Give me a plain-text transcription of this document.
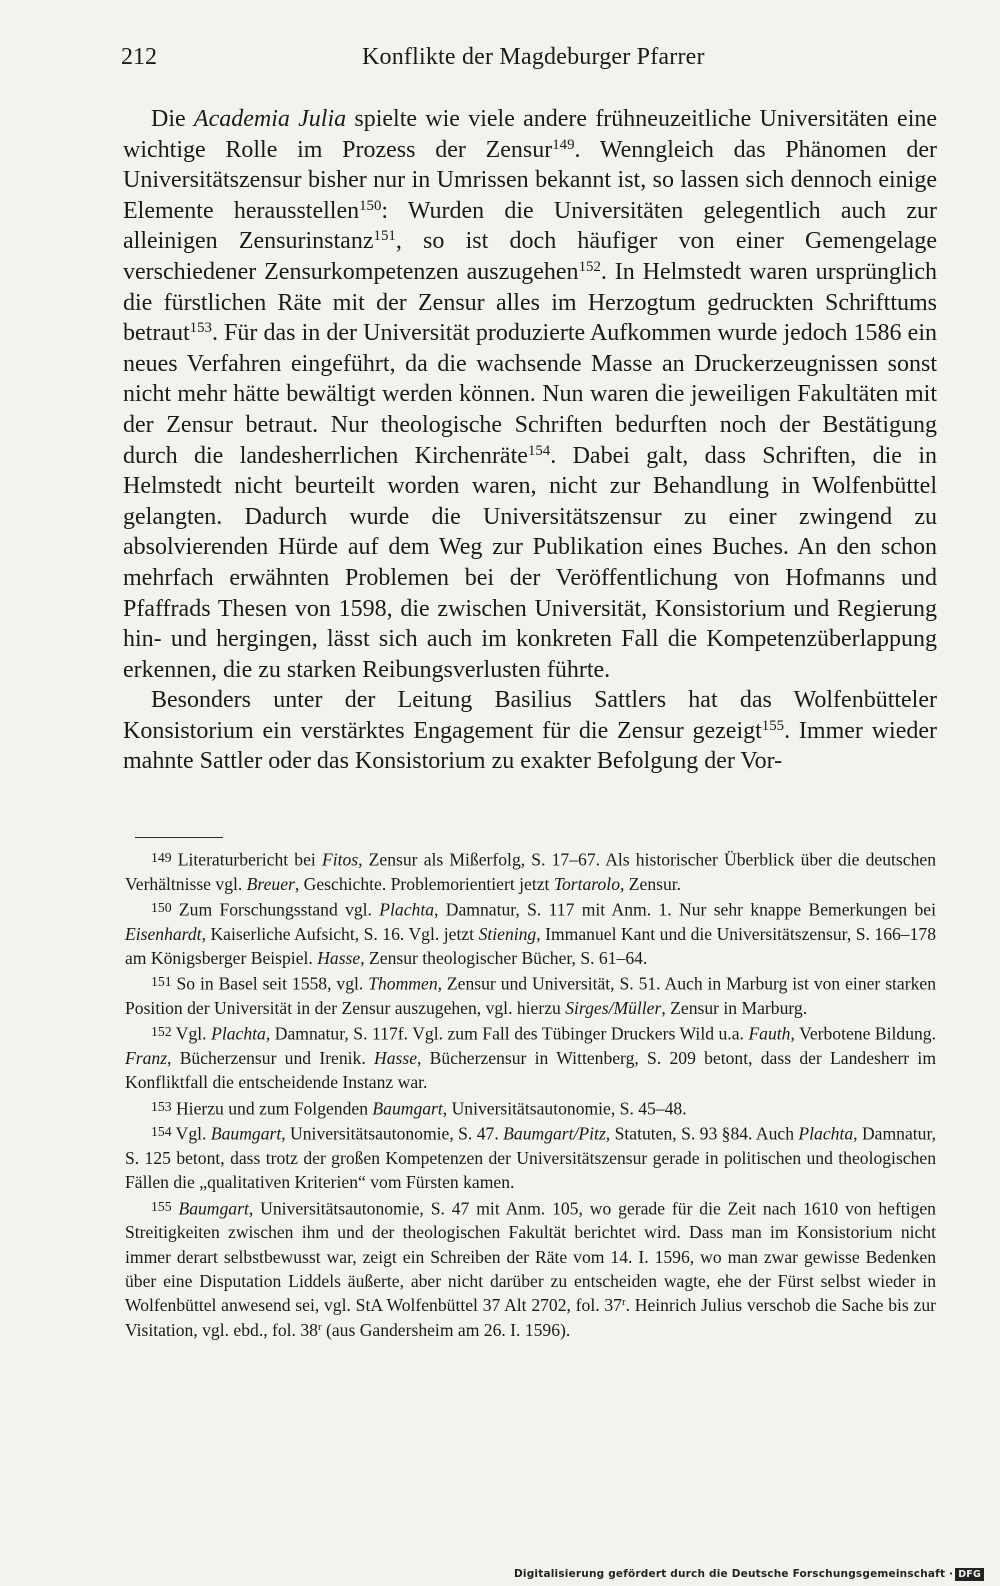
212	Konflikte der Magdeburger Pfarrer

Die Academia Julia spielte wie viele andere frühneuzeitliche Universitäten eine wichtige Rolle im Prozess der Zensur$^{149}$. Wenngleich das Phänomen der Universitätszensur bisher nur in Umrissen bekannt ist, so lassen sich dennoch einige Elemente herausstellen$^{150}$: Wurden die Universitäten gelegentlich auch zur alleinigen Zensurinstanz$^{151}$, so ist doch häufiger von einer Gemengelage verschiedener Zensurkompetenzen auszugehen$^{152}$. In Helmstedt waren ursprünglich die fürstlichen Räte mit der Zensur alles im Herzogtum gedruckten Schrifttums betraut$^{153}$. Für das in der Universität produzierte Aufkommen wurde jedoch 1586 ein neues Verfahren eingeführt, da die wachsende Masse an Druckerzeugnissen sonst nicht mehr hätte bewältigt werden können. Nun waren die jeweiligen Fakultäten mit der Zensur betraut. Nur theologische Schriften bedurften noch der Bestätigung durch die landesherrlichen Kirchenräte$^{154}$. Dabei galt, dass Schriften, die in Helmstedt nicht beurteilt worden waren, nicht zur Behandlung in Wolfenbüttel gelangten. Dadurch wurde die Universitätszensur zu einer zwingend zu absolvierenden Hürde auf dem Weg zur Publikation eines Buches. An den schon mehrfach erwähnten Problemen bei der Veröffentlichung von Hofmanns und Pfaffrads Thesen von 1598, die zwischen Universität, Konsistorium und Regierung hin- und hergingen, lässt sich auch im konkreten Fall die Kompetenzüberlappung erkennen, die zu starken Reibungsverlusten führte.

Besonders unter der Leitung Basilius Sattlers hat das Wolfenbütteler Konsistorium ein verstärktes Engagement für die Zensur gezeigt$^{155}$. Immer wieder mahnte Sattler oder das Konsistorium zu exakter Befolgung der Vor-

149 Literaturbericht bei Fitos, Zensur als Mißerfolg, S. 17–67. Als historischer Überblick über die deutschen Verhältnisse vgl. Breuer, Geschichte. Problemorientiert jetzt Tortarolo, Zensur.

150 Zum Forschungsstand vgl. Plachta, Damnatur, S. 117 mit Anm. 1. Nur sehr knappe Bemerkungen bei Eisenhardt, Kaiserliche Aufsicht, S. 16. Vgl. jetzt Stiening, Immanuel Kant und die Universitätszensur, S. 166–178 am Königsberger Beispiel. Hasse, Zensur theologischer Bücher, S. 61–64.

151 So in Basel seit 1558, vgl. Thommen, Zensur und Universität, S. 51. Auch in Marburg ist von einer starken Position der Universität in der Zensur auszugehen, vgl. hierzu Sirges/Müller, Zensur in Marburg.

152 Vgl. Plachta, Damnatur, S. 117f. Vgl. zum Fall des Tübinger Druckers Wild u.a. Fauth, Verbotene Bildung. Franz, Bücherzensur und Irenik. Hasse, Bücherzensur in Wittenberg, S. 209 betont, dass der Landesherr im Konfliktfall die entscheidende Instanz war.

153 Hierzu und zum Folgenden Baumgart, Universitätsautonomie, S. 45–48.

154 Vgl. Baumgart, Universitätsautonomie, S. 47. Baumgart/Pitz, Statuten, S. 93 §84. Auch Plachta, Damnatur, S. 125 betont, dass trotz der großen Kompetenzen der Universitätszensur gerade in politischen und theologischen Fällen die „qualitativen Kriterien“ vom Fürsten kamen.

155 Baumgart, Universitätsautonomie, S. 47 mit Anm. 105, wo gerade für die Zeit nach 1610 von heftigen Streitigkeiten zwischen ihm und der theologischen Fakultät berichtet wird. Dass man im Konsistorium nicht immer derart selbstbewusst war, zeigt ein Schreiben der Räte vom 14. I. 1596, wo man zwar gewisse Bedenken über eine Disputation Liddels äußerte, aber nicht darüber zu entscheiden wagte, ehe der Fürst selbst wieder in Wolfenbüttel anwesend sei, vgl. StA Wolfenbüttel 37 Alt 2702, fol. 37$^r$. Heinrich Julius verschob die Sache bis zur Visitation, vgl. ebd., fol. 38$^r$ (aus Gandersheim am 26. I. 1596).

Digitalisierung gefördert durch die Deutsche Forschungsgemeinschaft · DFG
